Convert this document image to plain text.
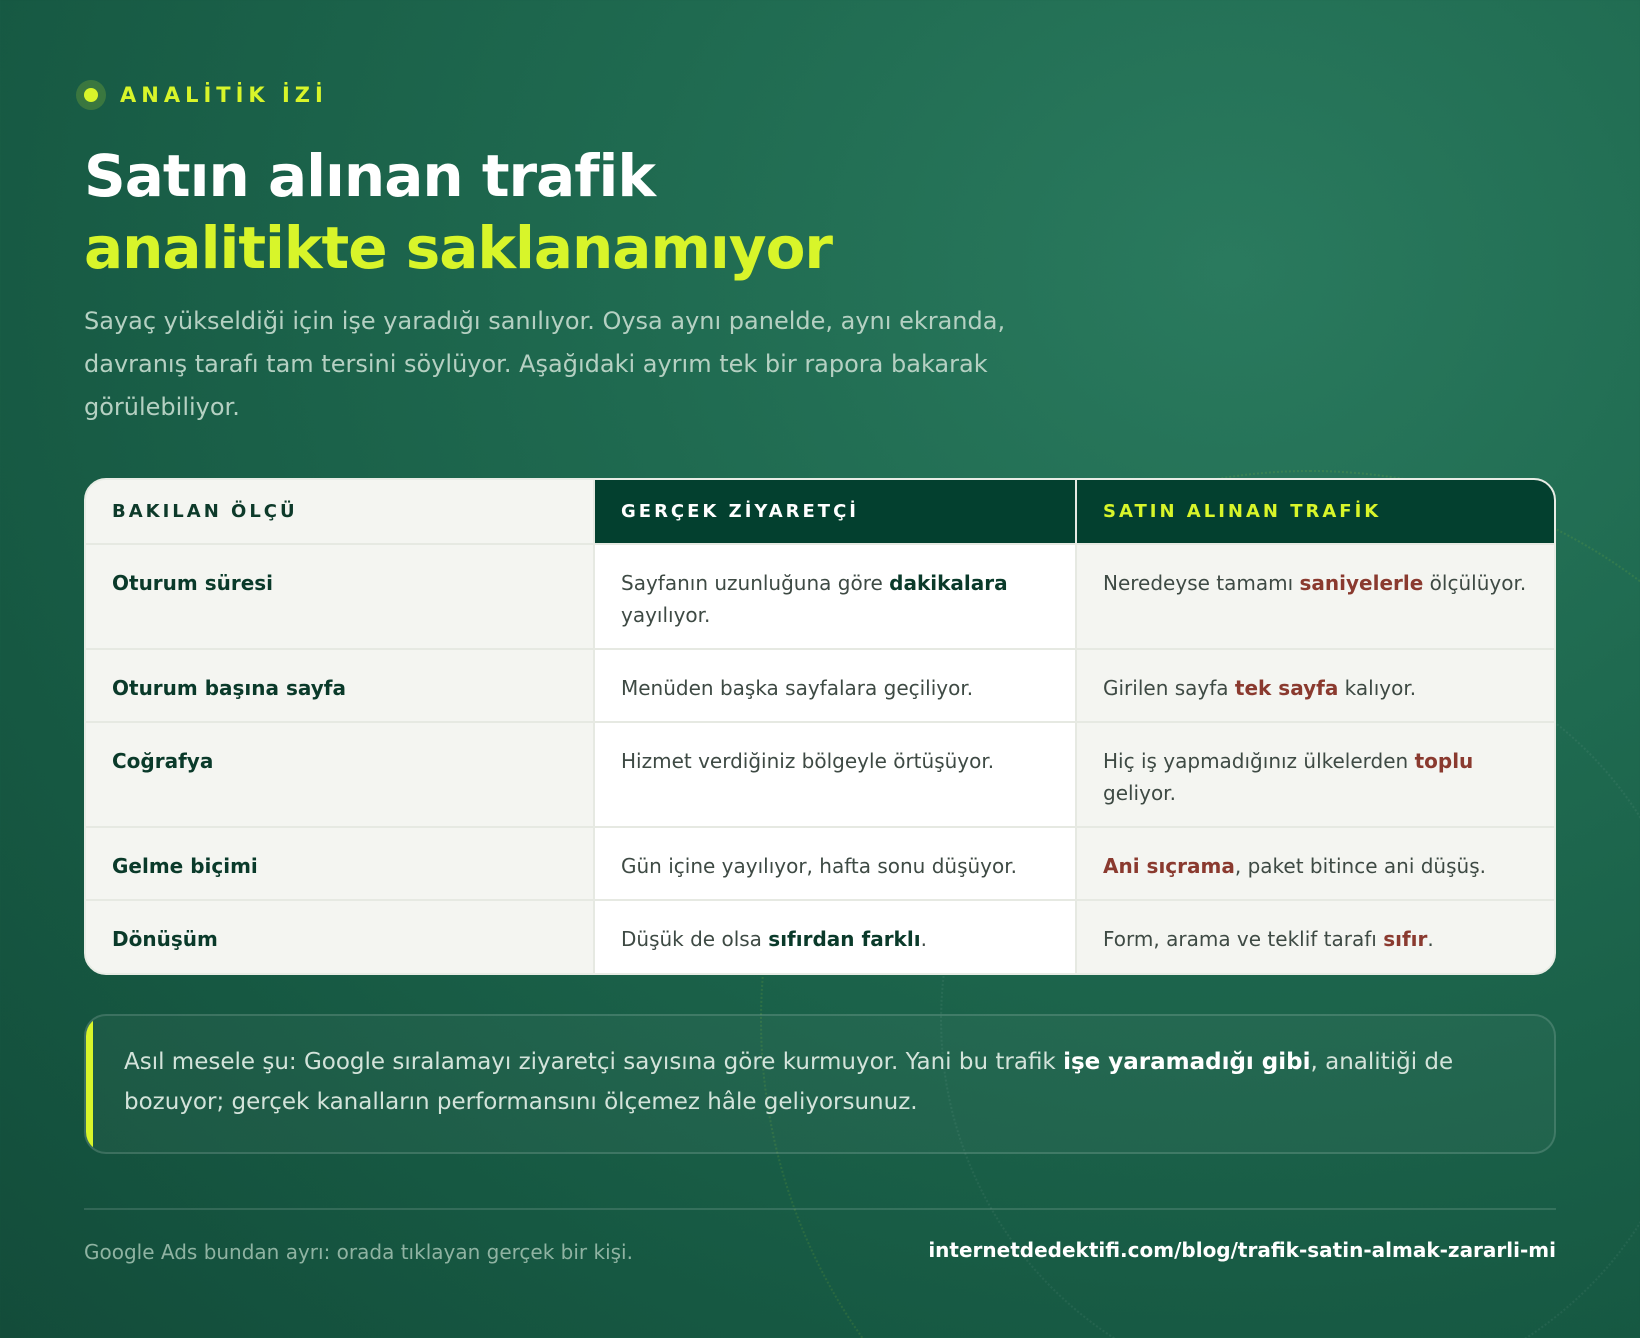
ANALİTİK İZİ
Satın alınan trafik
analitikte saklanamıyor

Sayaç yükseldiği için işe yaradığı sanılıyor. Oysa aynı panelde, aynı ekranda, davranış tarafı tam tersini söylüyor. Aşağıdaki ayrım tek bir rapora bakarak görülebiliyor.

BAKILAN ÖLÇÜ	GERÇEK ZİYARETÇİ	SATIN ALINAN TRAFİK
Oturum süresi	Sayfanın uzunluğuna göre dakikalara yayılıyor.	Neredeyse tamamı saniyelerle ölçülüyor.
Oturum başına sayfa	Menüden başka sayfalara geçiliyor.	Girilen sayfa tek sayfa kalıyor.
Coğrafya	Hizmet verdiğiniz bölgeyle örtüşüyor.	Hiç iş yapmadığınız ülkelerden toplu geliyor.
Gelme biçimi	Gün içine yayılıyor, hafta sonu düşüyor.	Ani sıçrama, paket bitince ani düşüş.
Dönüşüm	Düşük de olsa sıfırdan farklı.	Form, arama ve teklif tarafı sıfır.

Asıl mesele şu: Google sıralamayı ziyaretçi sayısına göre kurmuyor. Yani bu trafik işe yaramadığı gibi, analitiği de bozuyor; gerçek kanalların performansını ölçemez hâle geliyorsunuz.

Google Ads bundan ayrı: orada tıklayan gerçek bir kişi.	internetdedektifi.com/blog/trafik-satin-almak-zararli-mi
